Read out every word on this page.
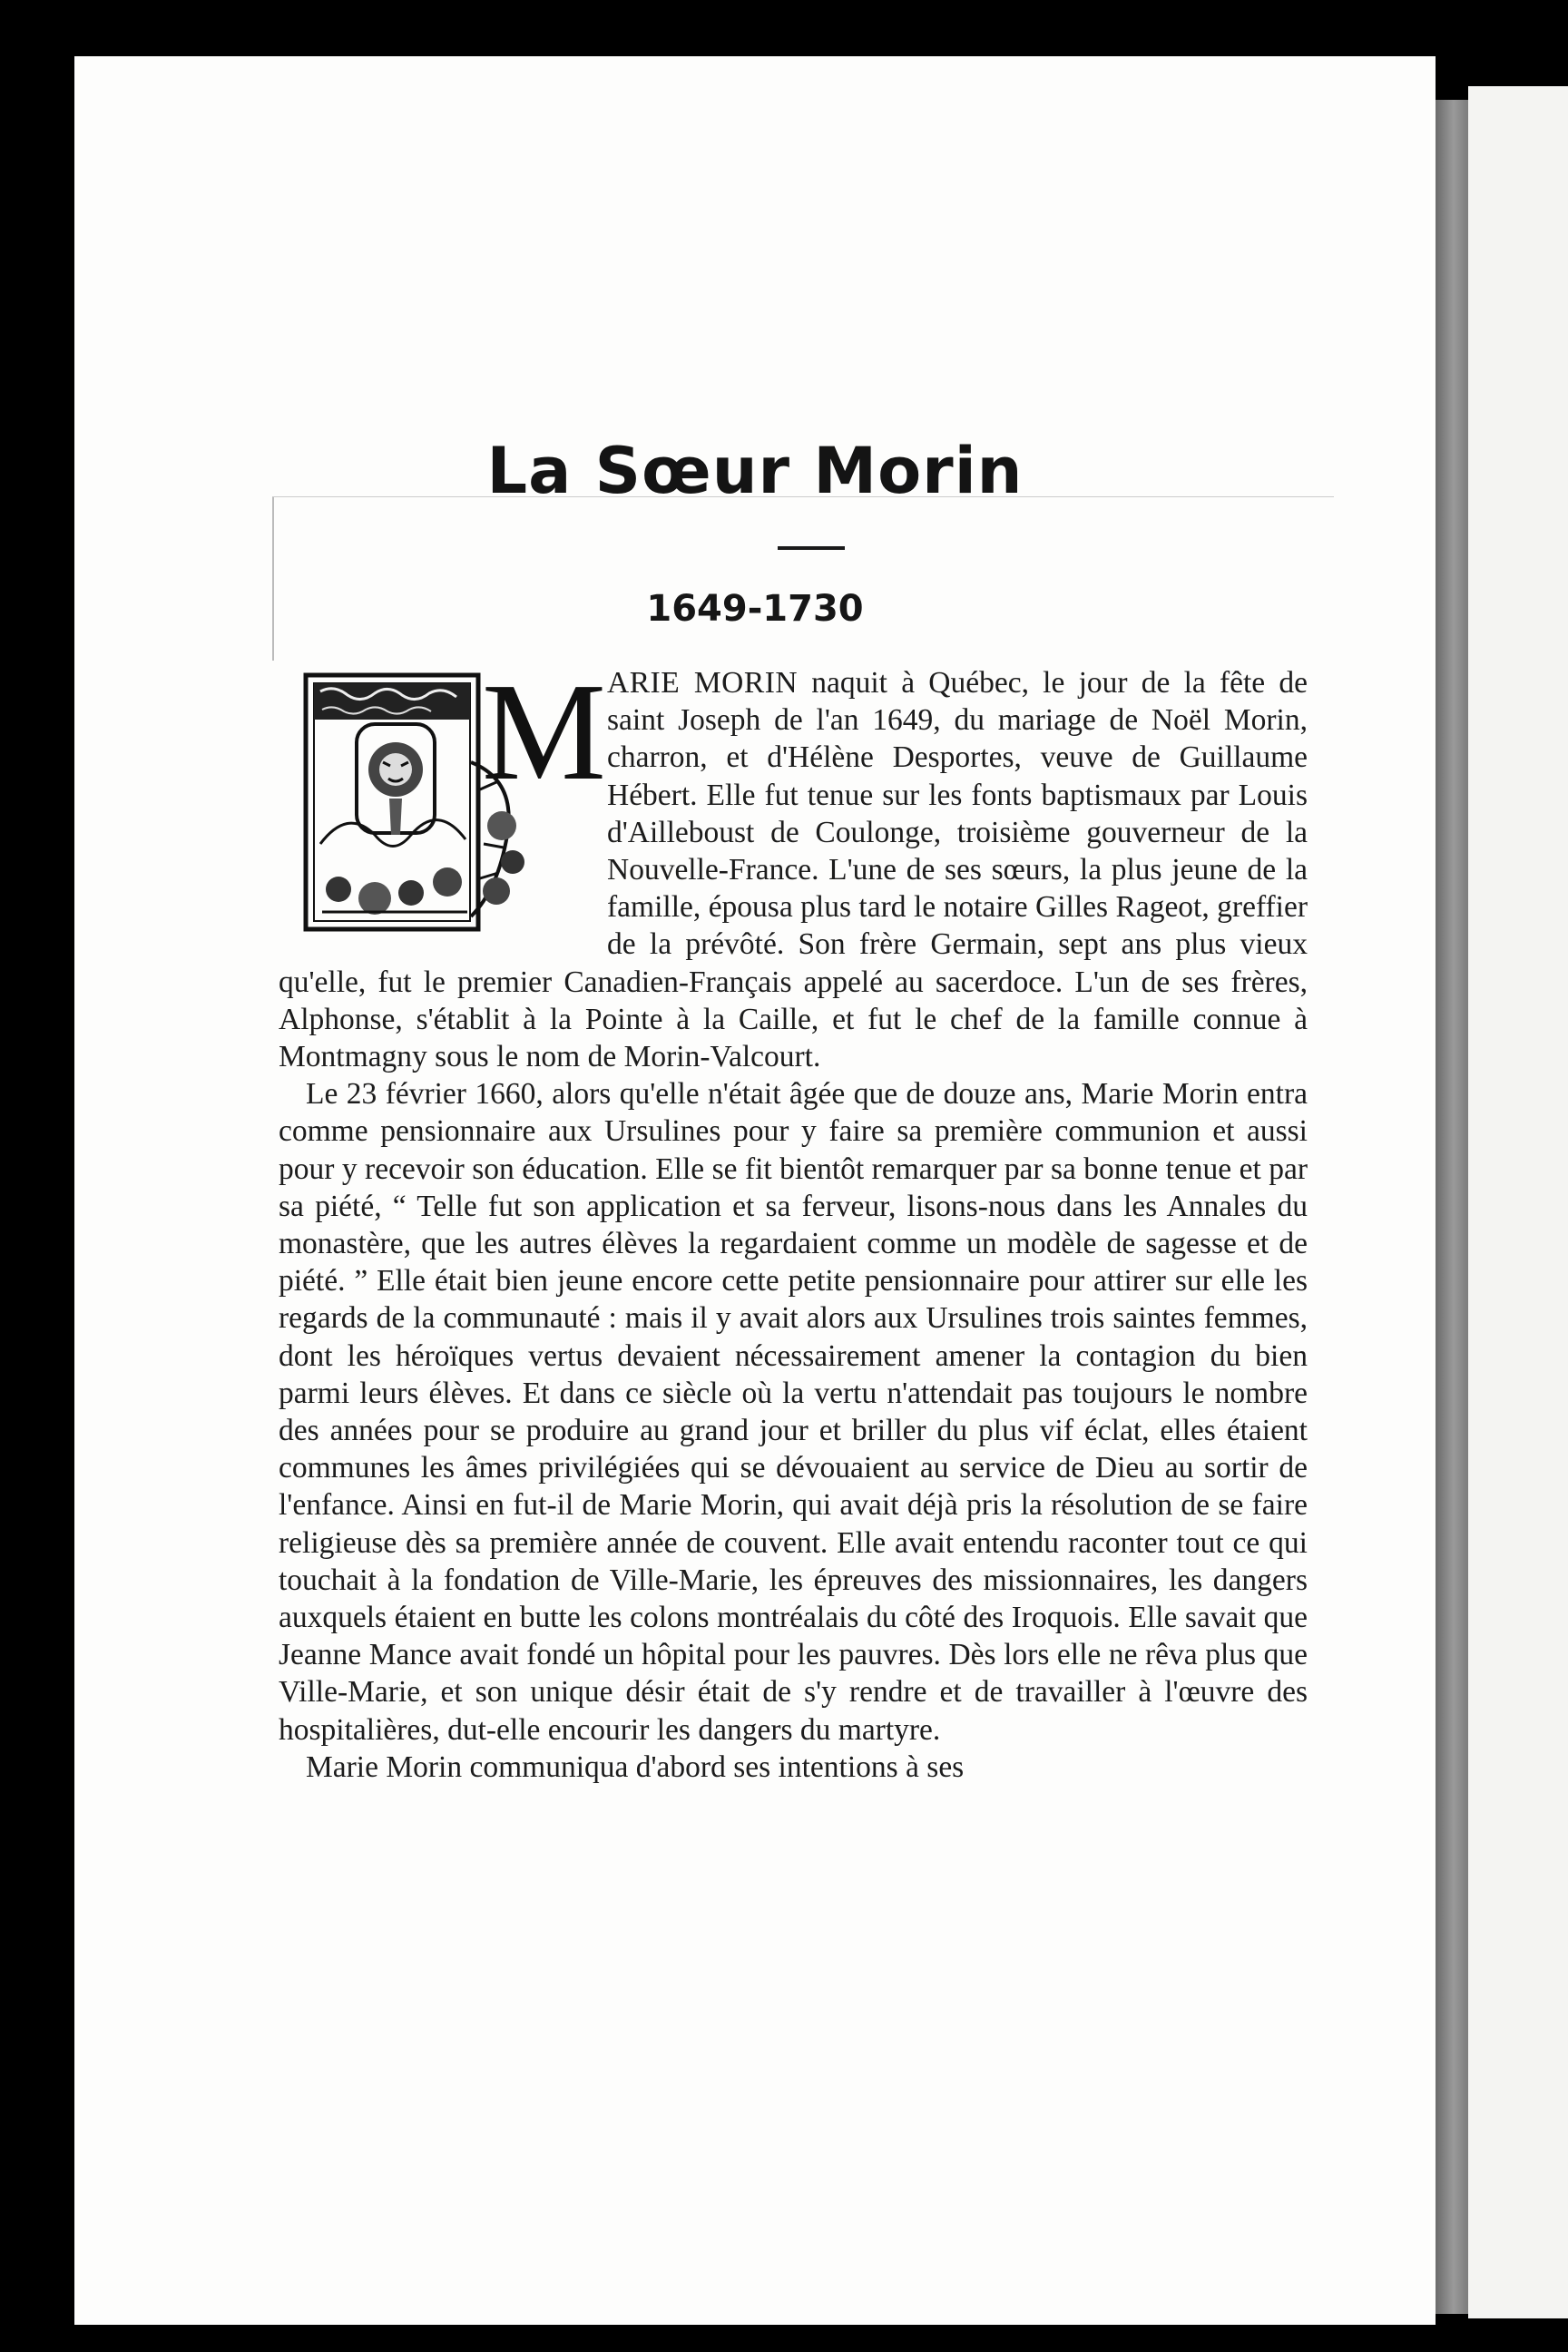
La Sœur Morin
1649-1730

M ARIE MORIN naquit à Québec, le jour de la fête de saint Joseph de l'an 1649, du mariage de Noël Morin, charron, et d'Hélène Desportes, veuve de Guillaume Hébert. Elle fut tenue sur les fonts baptismaux par Louis d'Ailleboust de Coulonge, troisième gouverneur de la Nouvelle-France. L'une de ses sœurs, la plus jeune de la famille, épousa plus tard le notaire Gilles Rageot, greffier de la prévôté. Son frère Germain, sept ans plus vieux qu'elle, fut le premier Canadien-Français appelé au sacerdoce. L'un de ses frères, Alphonse, s'établit à la Pointe à la Caille, et fut le chef de la famille connue à Montmagny sous le nom de Morin-Valcourt.

Le 23 février 1660, alors qu'elle n'était âgée que de douze ans, Marie Morin entra comme pensionnaire aux Ursulines pour y faire sa première communion et aussi pour y recevoir son éducation. Elle se fit bientôt remarquer par sa bonne tenue et par sa piété, “ Telle fut son application et sa ferveur, lisons-nous dans les Annales du monastère, que les autres élèves la regardaient comme un modèle de sagesse et de piété. ” Elle était bien jeune encore cette petite pensionnaire pour attirer sur elle les regards de la communauté : mais il y avait alors aux Ursulines trois saintes femmes, dont les héroïques vertus devaient nécessairement amener la contagion du bien parmi leurs élèves. Et dans ce siècle où la vertu n'attendait pas toujours le nombre des années pour se produire au grand jour et briller du plus vif éclat, elles étaient communes les âmes privilégiées qui se dévouaient au service de Dieu au sortir de l'enfance. Ainsi en fut-il de Marie Morin, qui avait déjà pris la résolution de se faire religieuse dès sa première année de couvent. Elle avait entendu raconter tout ce qui touchait à la fondation de Ville-Marie, les épreuves des missionnaires, les dangers auxquels étaient en butte les colons montréalais du côté des Iroquois. Elle savait que Jeanne Mance avait fondé un hôpital pour les pauvres. Dès lors elle ne rêva plus que Ville-Marie, et son unique désir était de s'y rendre et de travailler à l'œuvre des hospitalières, dut-elle encourir les dangers du martyre.

Marie Morin communiqua d'abord ses intentions à ses
